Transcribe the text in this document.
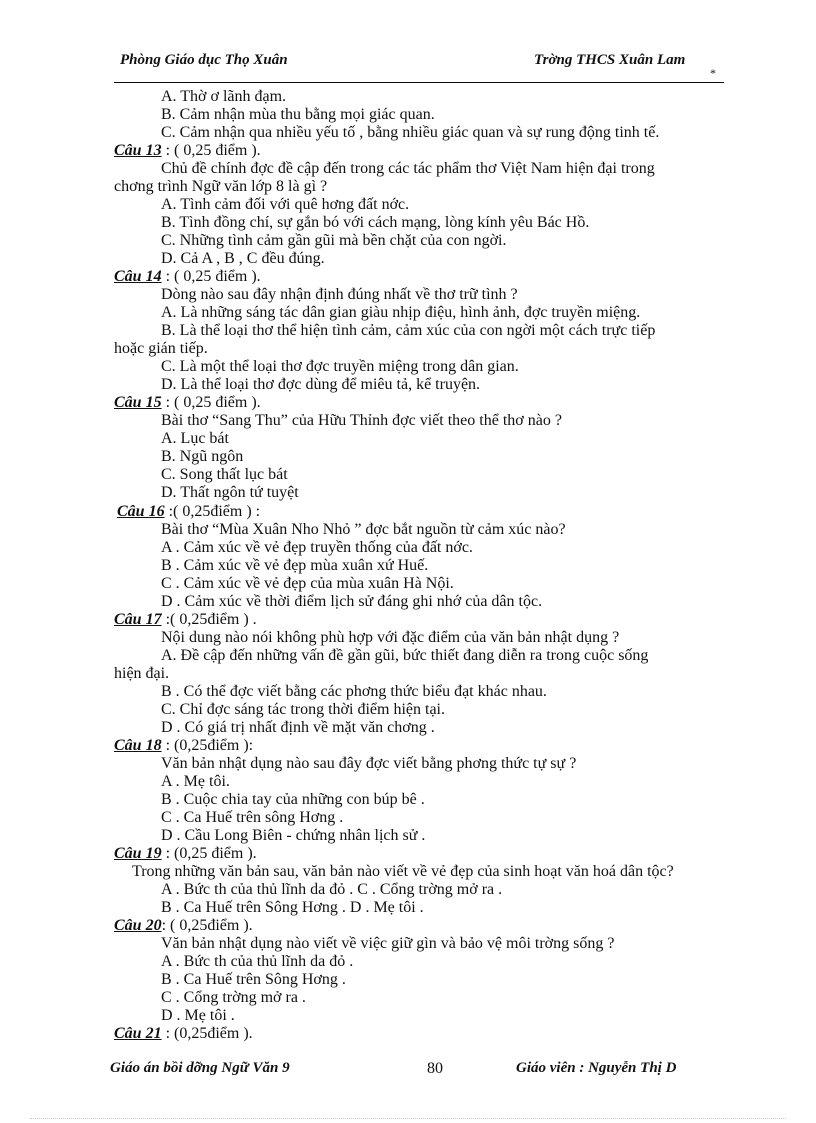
Phòng Giáo dục Thọ Xuân	Trờng THCS Xuân Lam
*
A. Thờ ơ lãnh đạm.
B. Cảm nhận mùa thu bằng mọi giác quan.
C. Cảm nhận qua nhiều yếu tố , bằng nhiều giác quan và sự rung động tinh tế.
Câu 13 : ( 0,25 điểm ).
Chủ đề chính đợc đề cập đến trong các tác phẩm thơ Việt Nam hiện đại trong
chơng trình Ngữ văn lớp 8 là gì ?
A. Tình cảm đối với quê hơng đất nớc.
B. Tình đồng chí, sự gắn bó với cách mạng, lòng kính yêu Bác Hồ.
C. Những tình cảm gần gũi mà bền chặt của con ngời.
D. Cả A , B , C đều đúng.
Câu 14 : ( 0,25 điểm ).
Dòng nào sau đây nhận định đúng nhất về thơ trữ tình ?
A. Là những sáng tác dân gian giàu nhịp điệu, hình ảnh, đợc truyền miệng.
B. Là thể loại thơ thể hiện tình cảm, cảm xúc của con ngời một cách trực tiếp
hoặc gián tiếp.
C. Là một thể loại thơ đợc truyền miệng trong dân gian.
D. Là thể loại thơ đợc dùng để miêu tả, kể truyện.
Câu 15 : ( 0,25 điểm ).
Bài thơ “Sang Thu” của Hữu Thỉnh đợc viết theo thể thơ nào ?
A. Lục bát
B. Ngũ ngôn
C. Song thất lục bát
D. Thất ngôn tứ tuyệt
Câu 16 :( 0,25điểm ) :
Bài thơ “Mùa Xuân Nho Nhỏ ” đợc bắt nguồn từ cảm xúc nào?
A . Cảm xúc về vẻ đẹp truyền thống của đất nớc.
B . Cảm xúc về vẻ đẹp mùa xuân xứ Huế.
C . Cảm xúc về vẻ đẹp của mùa xuân Hà Nội.
D . Cảm xúc về thời điểm lịch sử đáng ghi nhớ của dân tộc.
Câu 17 :( 0,25điểm ) .
Nội dung nào nói không phù hợp với đặc điểm của văn bản nhật dụng ?
A. Đề cập đến những vấn đề gần gũi, bức thiết đang diễn ra trong cuộc sống
hiện đại.
B . Có thể đợc viết bằng các phơng thức biểu đạt khác nhau.
C. Chỉ đợc sáng tác trong thời điểm hiện tại.
D . Có giá trị nhất định về mặt văn chơng .
Câu 18 : (0,25điểm ):
Văn bản nhật dụng nào sau đây đợc viết bằng phơng thức tự sự ?
A . Mẹ tôi.
B . Cuộc chia tay của những con búp bê .
C . Ca Huế trên sông Hơng .
D . Cầu Long Biên - chứng nhân lịch sử .
Câu 19 : (0,25 điểm ).
Trong những văn bản sau, văn bản nào viết về vẻ đẹp của sinh hoạt văn hoá dân tộc?
A . Bức th của thủ lĩnh da đỏ . C . Cổng trờng mở ra .
B . Ca Huế trên Sông Hơng . D . Mẹ tôi .
Câu 20: ( 0,25điểm ).
Văn bản nhật dụng nào viết về việc giữ gìn và bảo vệ môi trờng sống ?
A . Bức th của thủ lĩnh da đỏ .
B . Ca Huế trên Sông Hơng .
C . Cổng trờng mở ra .
D . Mẹ tôi .
Câu 21 : (0,25điểm ).
Giáo án bồi dỡng Ngữ Văn 9	80	Giáo viên : Nguyễn Thị D
